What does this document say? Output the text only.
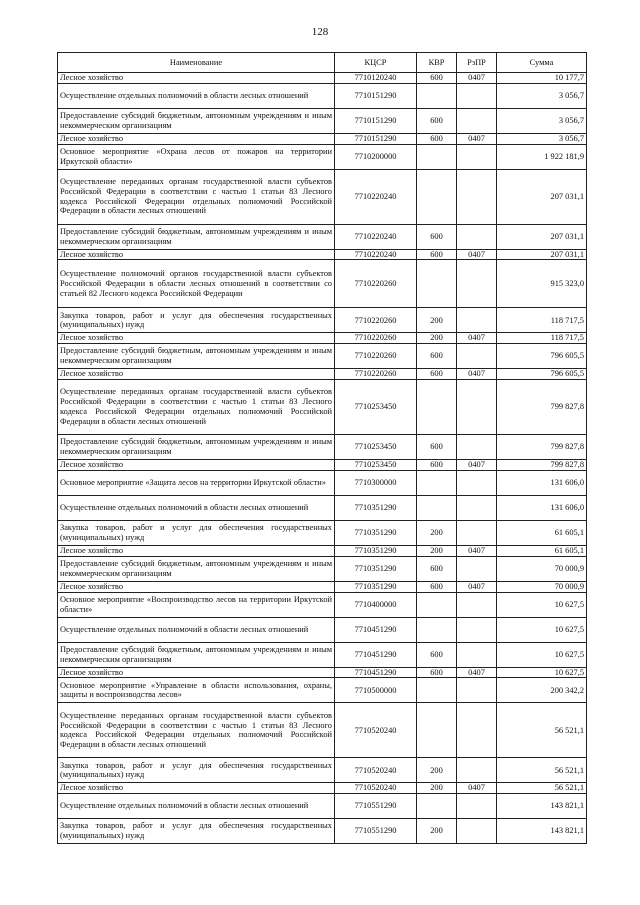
128
Наименование	КЦСР	КВР	РзПР	Сумма
Лесное хозяйство	7710120240	600	0407	10 177,7
Осуществление отдельных полномочий в области лесных отношений	7710151290			3 056,7
Предоставление субсидий бюджетным, автономным учреждениям и иным некоммерческим организациям	7710151290	600		3 056,7
Лесное хозяйство	7710151290	600	0407	3 056,7
Основное мероприятие «Охрана лесов от пожаров на территории Иркутской области»	7710200000			1 922 181,9
Осуществление переданных органам государственной власти субъектов Российской Федерации в соответствии с частью 1 статьи 83 Лесного кодекса Российской Федерации отдельных полномочий Российской Федерации в области лесных отношений	7710220240			207 031,1
Предоставление субсидий бюджетным, автономным учреждениям и иным некоммерческим организациям	7710220240	600		207 031,1
Лесное хозяйство	7710220240	600	0407	207 031,1
Осуществление полномочий органов государственной власти субъектов Российской Федерации в области лесных отношений в соответствии со статьей 82 Лесного кодекса Российской Федерации	7710220260			915 323,0
Закупка товаров, работ и услуг для обеспечения государственных (муниципальных) нужд	7710220260	200		118 717,5
Лесное хозяйство	7710220260	200	0407	118 717,5
Предоставление субсидий бюджетным, автономным учреждениям и иным некоммерческим организациям	7710220260	600		796 605,5
Лесное хозяйство	7710220260	600	0407	796 605,5
Осуществление переданных органам государственной власти субъектов Российской Федерации в соответствии с частью 1 статьи 83 Лесного кодекса Российской Федерации отдельных полномочий Российской Федерации в области лесных отношений	7710253450			799 827,8
Предоставление субсидий бюджетным, автономным учреждениям и иным некоммерческим организациям	7710253450	600		799 827,8
Лесное хозяйство	7710253450	600	0407	799 827,8
Основное мероприятие «Защита лесов на территории Иркутской области»	7710300000			131 606,0
Осуществление отдельных полномочий в области лесных отношений	7710351290			131 606,0
Закупка товаров, работ и услуг для обеспечения государственных (муниципальных) нужд	7710351290	200		61 605,1
Лесное хозяйство	7710351290	200	0407	61 605,1
Предоставление субсидий бюджетным, автономным учреждениям и иным некоммерческим организациям	7710351290	600		70 000,9
Лесное хозяйство	7710351290	600	0407	70 000,9
Основное мероприятие «Воспроизводство лесов на территории Иркутской области»	7710400000			10 627,5
Осуществление отдельных полномочий в области лесных отношений	7710451290			10 627,5
Предоставление субсидий бюджетным, автономным учреждениям и иным некоммерческим организациям	7710451290	600		10 627,5
Лесное хозяйство	7710451290	600	0407	10 627,5
Основное мероприятие «Управление в области использования, охраны, защиты и воспроизводства лесов»	7710500000			200 342,2
Осуществление переданных органам государственной власти субъектов Российской Федерации в соответствии с частью 1 статьи 83 Лесного кодекса Российской Федерации отдельных полномочий Российской Федерации в области лесных отношений	7710520240			56 521,1
Закупка товаров, работ и услуг для обеспечения государственных (муниципальных) нужд	7710520240	200		56 521,1
Лесное хозяйство	7710520240	200	0407	56 521,1
Осуществление отдельных полномочий в области лесных отношений	7710551290			143 821,1
Закупка товаров, работ и услуг для обеспечения государственных (муниципальных) нужд	7710551290	200		143 821,1
